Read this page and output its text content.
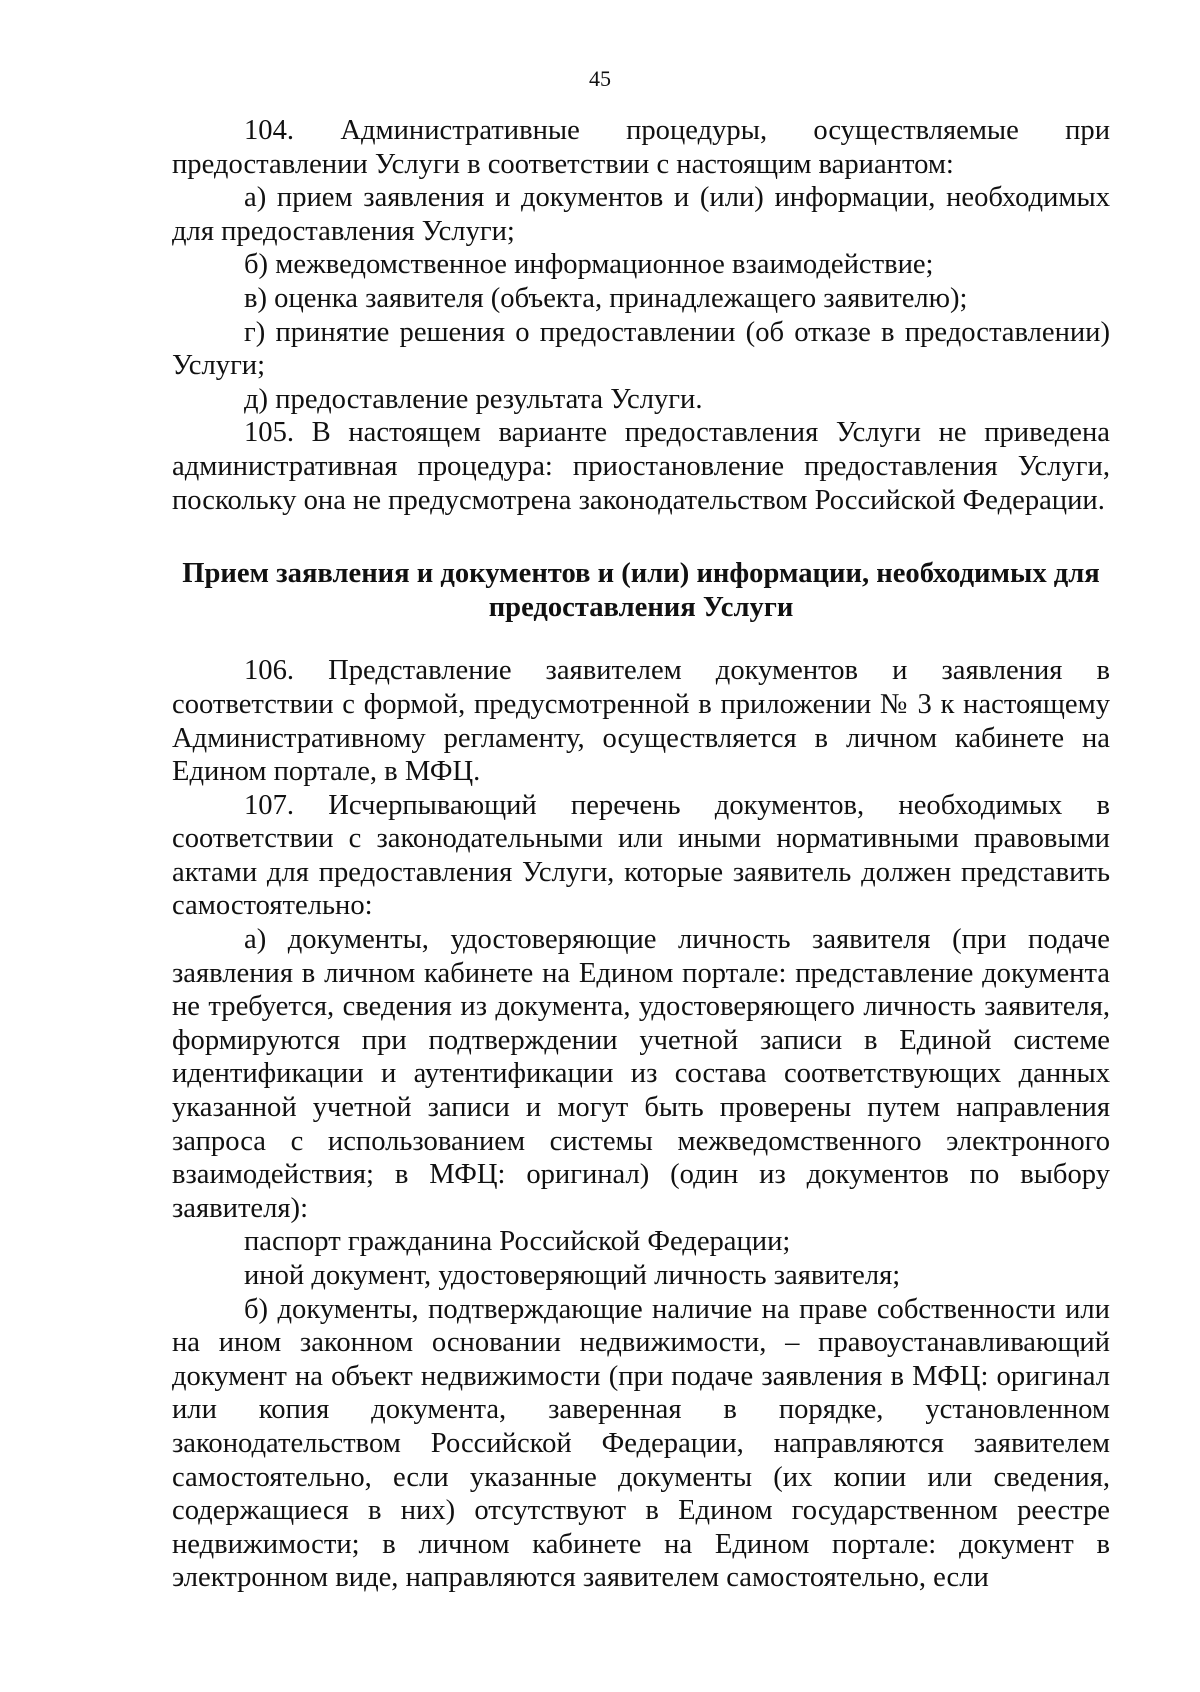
45

104. Административные процедуры, осуществляемые при предоставлении Услуги в соответствии с настоящим вариантом:

а) прием заявления и документов и (или) информации, необходимых для предоставления Услуги;

б) межведомственное информационное взаимодействие;

в) оценка заявителя (объекта, принадлежащего заявителю);

г) принятие решения о предоставлении (об отказе в предоставлении) Услуги;

д) предоставление результата Услуги.

105. В настоящем варианте предоставления Услуги не приведена административная процедура: приостановление предоставления Услуги, поскольку она не предусмотрена законодательством Российской Федерации.

Прием заявления и документов и (или) информации, необходимых для
предоставления Услуги

106. Представление заявителем документов и заявления в соответствии с формой, предусмотренной в приложении № 3 к настоящему Административному регламенту, осуществляется в личном кабинете на Едином портале, в МФЦ.

107. Исчерпывающий перечень документов, необходимых в соответствии с законодательными или иными нормативными правовыми актами для предоставления Услуги, которые заявитель должен представить самостоятельно:

а) документы, удостоверяющие личность заявителя (при подаче заявления в личном кабинете на Едином портале: представление документа не требуется, сведения из документа, удостоверяющего личность заявителя, формируются при подтверждении учетной записи в Единой системе идентификации и аутентификации из состава соответствующих данных указанной учетной записи и могут быть проверены путем направления запроса с использованием системы межведомственного электронного взаимодействия; в МФЦ: оригинал) (один из документов по выбору заявителя):

паспорт гражданина Российской Федерации;

иной документ, удостоверяющий личность заявителя;

б) документы, подтверждающие наличие на праве собственности или на ином законном основании недвижимости, – правоустанавливающий документ на объект недвижимости (при подаче заявления в МФЦ: оригинал или копия документа, заверенная в порядке, установленном законодательством Российской Федерации, направляются заявителем самостоятельно, если указанные документы (их копии или сведения, содержащиеся в них) отсутствуют в Едином государственном реестре недвижимости; в личном кабинете на Едином портале: документ в электронном виде, направляются заявителем самостоятельно, если
